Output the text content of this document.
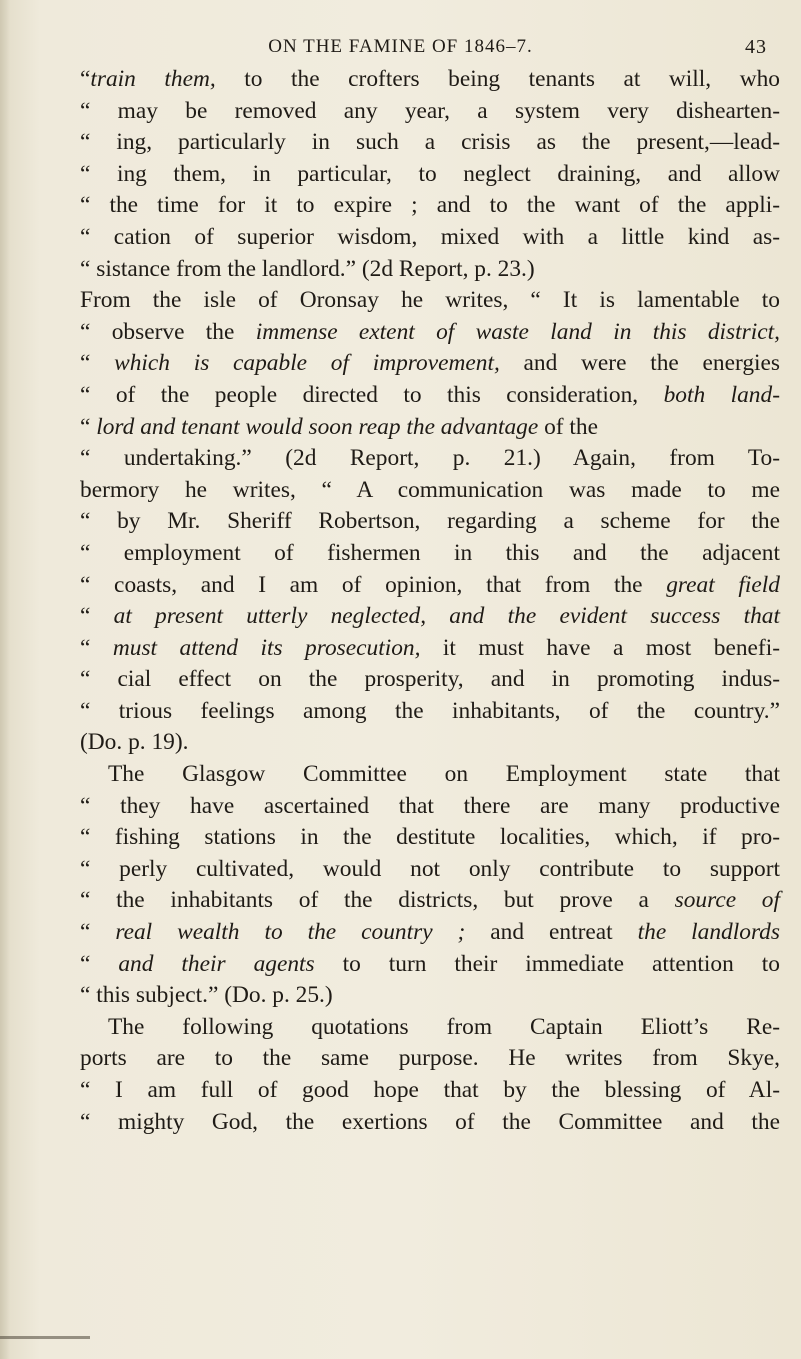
ON THE FAMINE OF 1846–7.	43
“train them, to the crofters being tenants at will, who
“ may be removed any year, a system very dishearten-
“ ing, particularly in such a crisis as the present,—lead-
“ ing them, in particular, to neglect draining, and allow
“ the time for it to expire ; and to the want of the appli-
“ cation of superior wisdom, mixed with a little kind as-
“ sistance from the landlord.” (2d Report, p. 23.)
From the isle of Oronsay he writes, “ It is lamentable to
“ observe the immense extent of waste land in this district,
“ which is capable of improvement, and were the energies
“ of the people directed to this consideration, both land-
“ lord and tenant would soon reap the advantage of the
“ undertaking.” (2d Report, p. 21.) Again, from To-
bermory he writes, “ A communication was made to me
“ by Mr. Sheriff Robertson, regarding a scheme for the
“ employment of fishermen in this and the adjacent
“ coasts, and I am of opinion, that from the great field
“ at present utterly neglected, and the evident success that
“ must attend its prosecution, it must have a most benefi-
“ cial effect on the prosperity, and in promoting indus-
“ trious feelings among the inhabitants, of the country.”
(Do. p. 19).
The Glasgow Committee on Employment state that
“ they have ascertained that there are many productive
“ fishing stations in the destitute localities, which, if pro-
“ perly cultivated, would not only contribute to support
“ the inhabitants of the districts, but prove a source of
“ real wealth to the country ; and entreat the landlords
“ and their agents to turn their immediate attention to
“ this subject.” (Do. p. 25.)
The following quotations from Captain Eliott’s Re-
ports are to the same purpose. He writes from Skye,
“ I am full of good hope that by the blessing of Al-
“ mighty God, the exertions of the Committee and the
